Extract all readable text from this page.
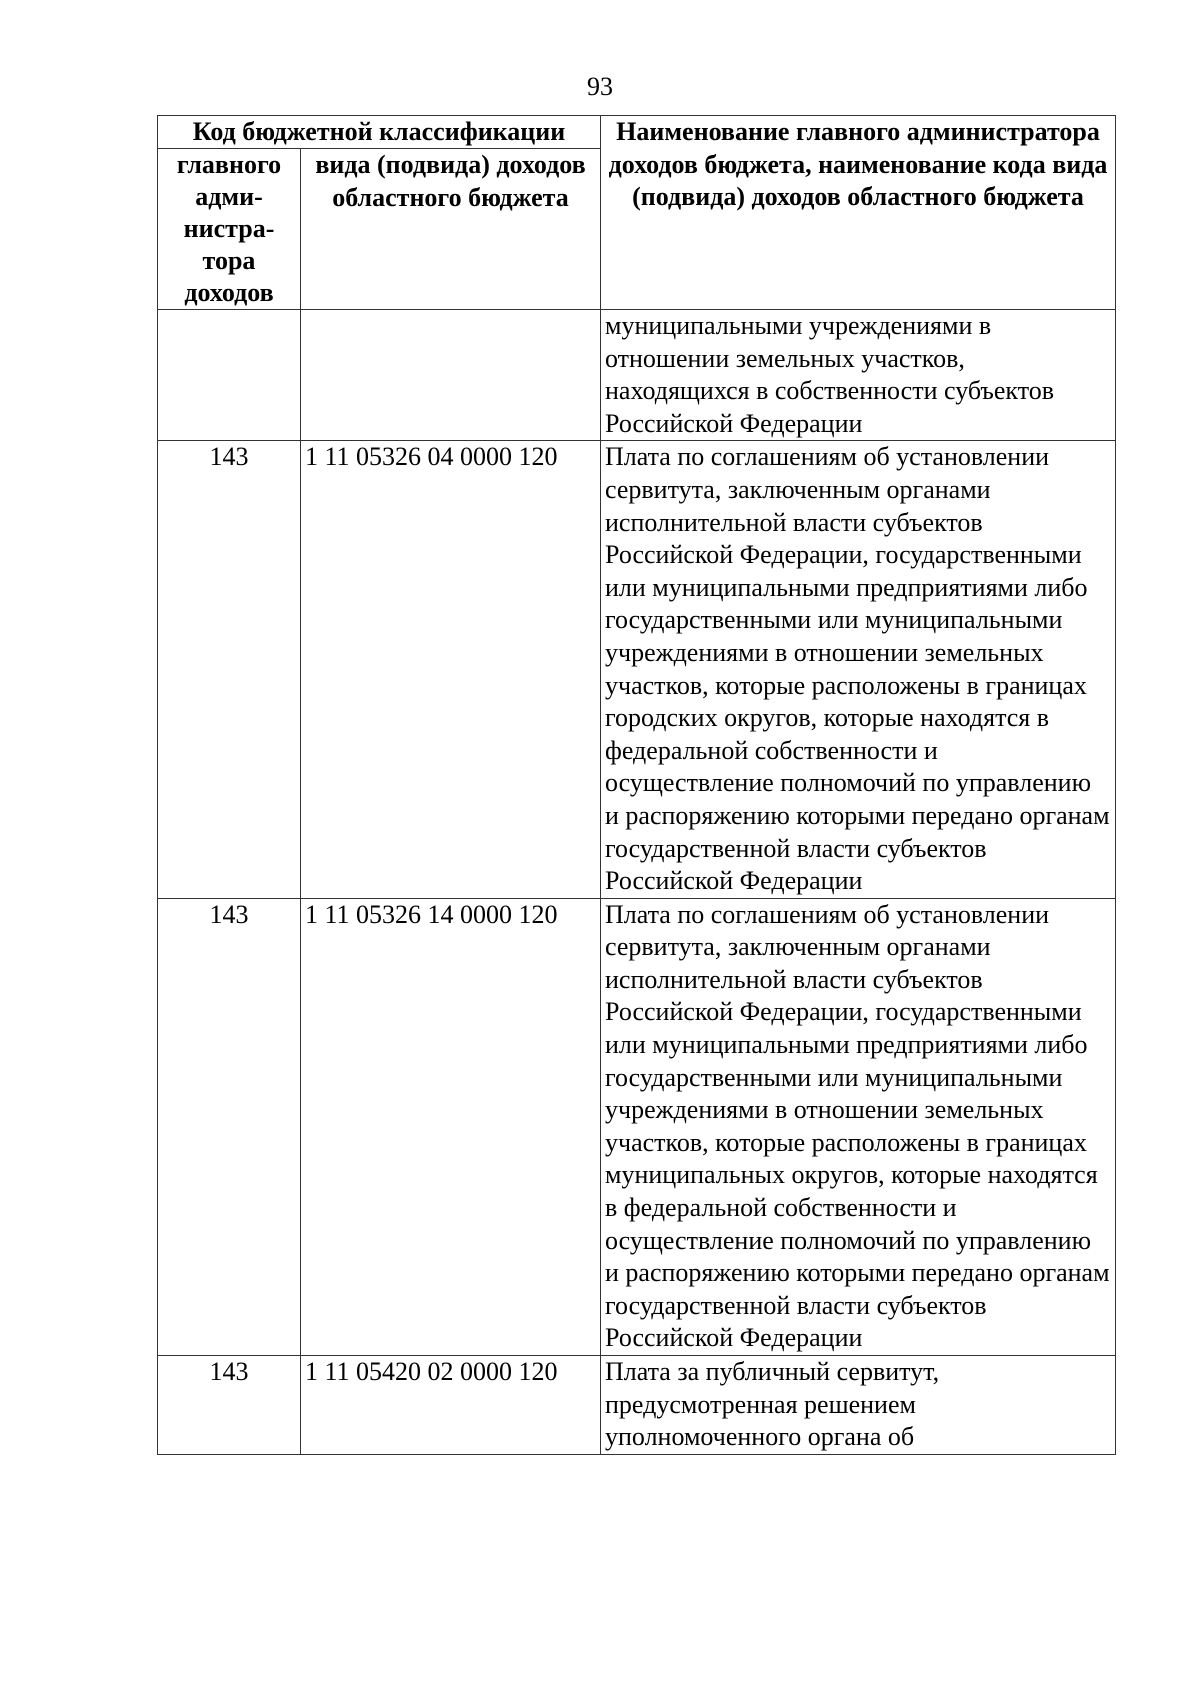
93
Код бюджетной классификации		Наименование главного администратора доходов бюджета, наименование кода вида (подвида) доходов областного бюджета
главного адми- нистра- тора доходов	вида (подвида) доходов областного бюджета	
		муниципальными учреждениями в отношении земельных участков, находящихся в собственности субъектов Российской Федерации
143	1 11 05326 04 0000 120	Плата по соглашениям об установлении сервитута, заключенным органами исполнительной власти субъектов Российской Федерации, государственными или муниципальными предприятиями либо государственными или муниципальными учреждениями в отношении земельных участков, которые расположены в границах городских округов, которые находятся в федеральной собственности и осуществление полномочий по управлению и распоряжению которыми передано органам государственной власти субъектов Российской Федерации
143	1 11 05326 14 0000 120	Плата по соглашениям об установлении сервитута, заключенным органами исполнительной власти субъектов Российской Федерации, государственными или муниципальными предприятиями либо государственными или муниципальными учреждениями в отношении земельных участков, которые расположены в границах муниципальных округов, которые находятся в федеральной собственности и осуществление полномочий по управлению и распоряжению которыми передано органам государственной власти субъектов Российской Федерации
143	1 11 05420 02 0000 120	Плата за публичный сервитут, предусмотренная решением уполномоченного органа об
